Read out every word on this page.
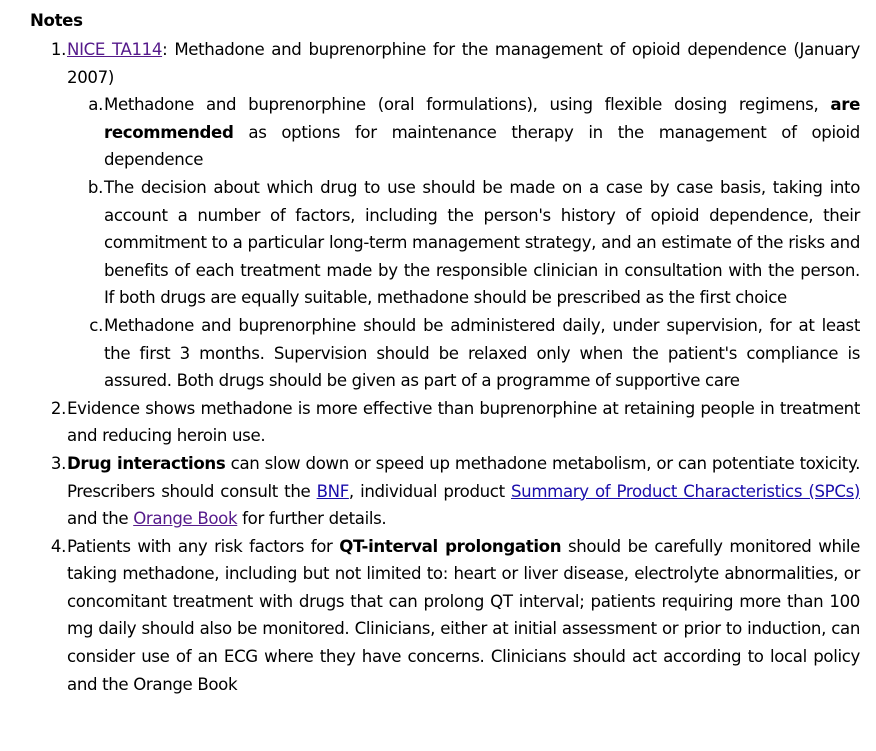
Notes

1. NICE TA114: Methadone and buprenorphine for the management of opioid dependence (January 2007)
a. Methadone and buprenorphine (oral formulations), using flexible dosing regimens, are recommended as options for maintenance therapy in the management of opioid dependence
b. The decision about which drug to use should be made on a case by case basis, taking into account a number of factors, including the person's history of opioid dependence, their commitment to a particular long-term management strategy, and an estimate of the risks and benefits of each treatment made by the responsible clinician in consultation with the person. If both drugs are equally suitable, methadone should be prescribed as the first choice
c. Methadone and buprenorphine should be administered daily, under supervision, for at least the first 3 months. Supervision should be relaxed only when the patient's compliance is assured. Both drugs should be given as part of a programme of supportive care
2. Evidence shows methadone is more effective than buprenorphine at retaining people in treatment and reducing heroin use.
3. Drug interactions can slow down or speed up methadone metabolism, or can potentiate toxicity. Prescribers should consult the BNF, individual product Summary of Product Characteristics (SPCs) and the Orange Book for further details.
4. Patients with any risk factors for QT-interval prolongation should be carefully monitored while taking methadone, including but not limited to: heart or liver disease, electrolyte abnormalities, or concomitant treatment with drugs that can prolong QT interval; patients requiring more than 100 mg daily should also be monitored. Clinicians, either at initial assessment or prior to induction, can consider use of an ECG where they have concerns. Clinicians should act according to local policy and the Orange Book
